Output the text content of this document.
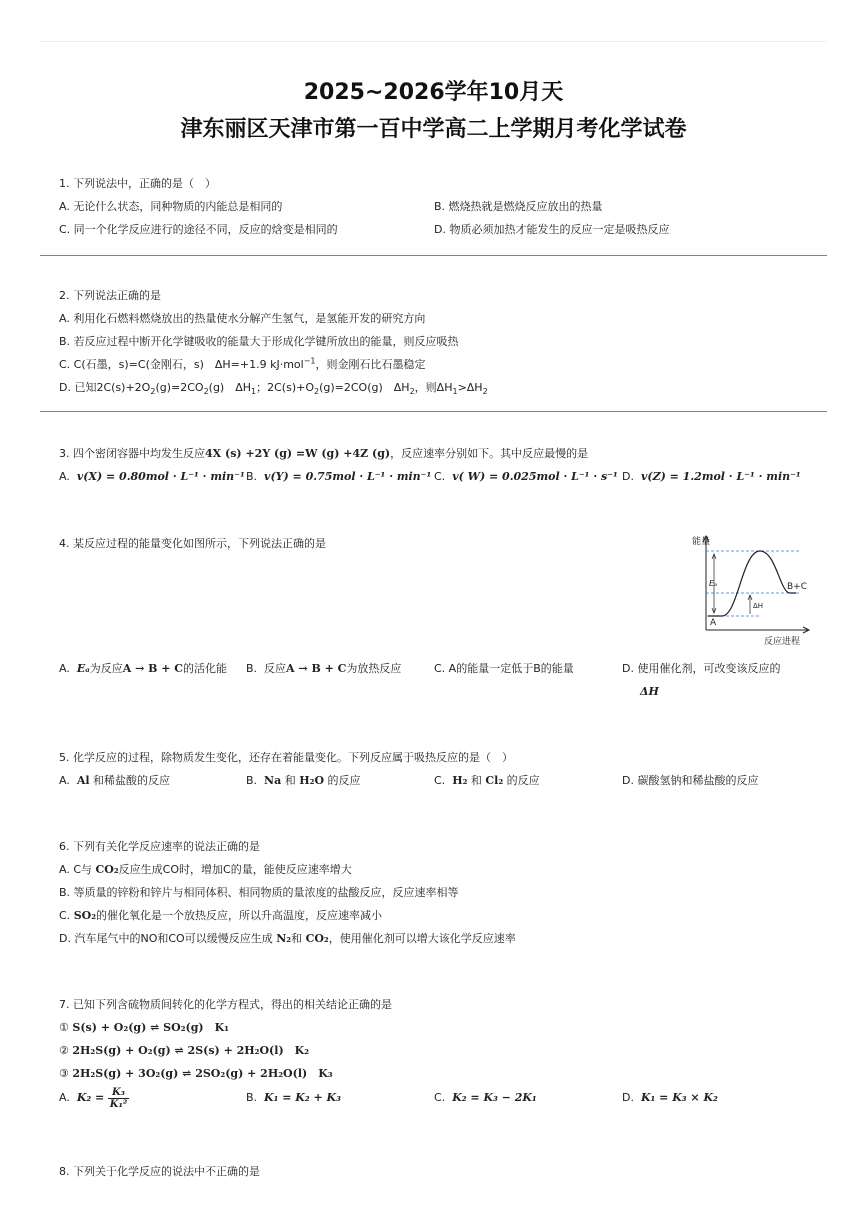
2025~2026学年10月天
津东丽区天津市第一百中学高二上学期月考化学试卷
1. 下列说法中，正确的是（　）
A. 无论什么状态，同种物质的内能总是相同的	B. 燃烧热就是燃烧反应放出的热量
C. 同一个化学反应进行的途径不同，反应的焓变是相同的	D. 物质必须加热才能发生的反应一定是吸热反应
2. 下列说法正确的是
A. 利用化石燃料燃烧放出的热量使水分解产生氢气，是氢能开发的研究方向
B. 若反应过程中断开化学键吸收的能量大于形成化学键所放出的能量，则反应吸热
C. C(石墨，s)=C(金刚石，s)　ΔH=+1.9 kJ·mol$^{-1}$，则金刚石比石墨稳定
D. 已知$2C(s)+2O_2(g)=2CO_2(g)$　$\Delta H_1$；$2C(s)+O_2(g)=2CO(g)$　$\Delta H_2$，则$\Delta H_1>\Delta H_2$
3. 四个密闭容器中均发生反应4X (s) +2Y (g) =W (g) +4Z (g)，反应速率分别如下。其中反应最慢的是
A. v(X) = 0.80mol · L⁻¹ · min⁻¹ B. v(Y) = 0.75mol · L⁻¹ · min⁻¹ C. v( W) = 0.025mol · L⁻¹ · s⁻¹ D. v(Z) = 1.2mol · L⁻¹ · min⁻¹
4. 某反应过程的能量变化如图所示，下列说法正确的是	能量
Eₐ
ΔH
A
B+C
反应进程
A. Eₐ为反应A → B + C的活化能 B. 反应A → B + C为放热反应	C. A的能量一定低于B的能量	D. 使用催化剂，可改变该反应的
ΔH
5. 化学反应的过程，除物质发生变化，还存在着能量变化。下列反应属于吸热反应的是（　）
A. Al 和稀盐酸的反应	B. Na 和 H₂O 的反应	C. H₂ 和 Cl₂ 的反应	D. 碳酸氢钠和稀盐酸的反应
6. 下列有关化学反应速率的说法正确的是
A. C与 CO₂反应生成CO时，增加C的量，能使反应速率增大
B. 等质量的锌粉和锌片与相同体积、相同物质的量浓度的盐酸反应，反应速率相等
C. SO₂的催化氧化是一个放热反应，所以升高温度，反应速率减小
D. 汽车尾气中的NO和CO可以缓慢反应生成 N₂和 CO₂，使用催化剂可以增大该化学反应速率
7. 已知下列含硫物质间转化的化学方程式，得出的相关结论正确的是
① S(s) + O₂(g) ⇌ SO₂(g)　K₁
② 2H₂S(g) + O₂(g) ⇌ 2S(s) + 2H₂O(l)　K₂
③ 2H₂S(g) + 3O₂(g) ⇌ 2SO₂(g) + 2H₂O(l)　K₃
A. $K_2 = \frac{\text{K₃}}{\text{K₁²}}$	B. K₁ = K₂ + K₃	C. K₂ = K₃ − 2K₁	D. K₁ = K₃ × K₂
8. 下列关于化学反应的说法中不正确的是
